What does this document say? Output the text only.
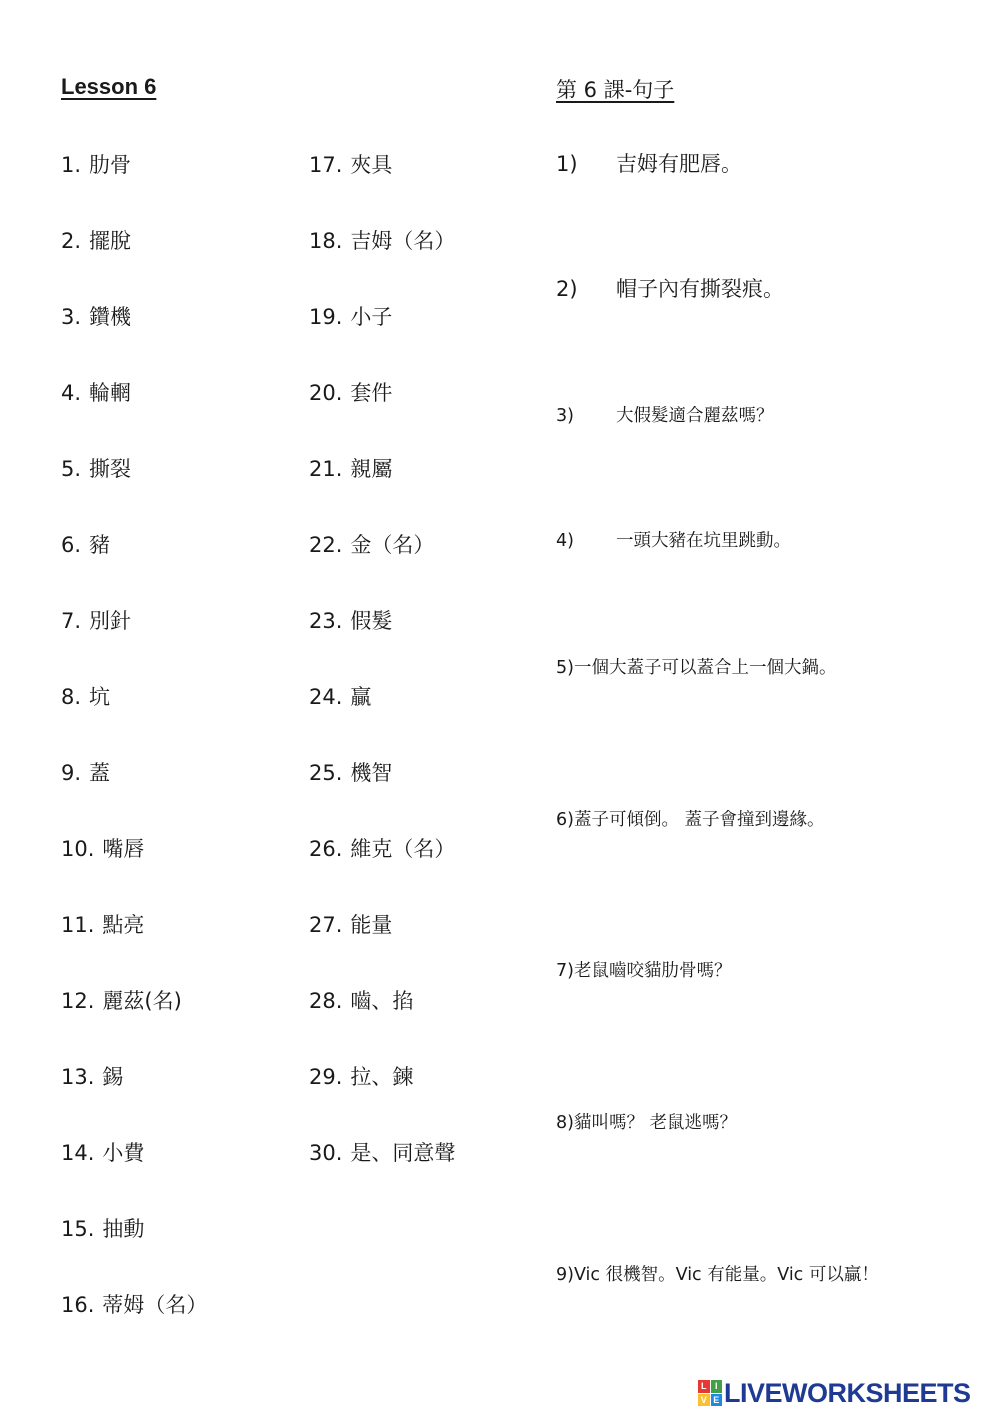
Lesson 6	第 6 課-句子
1. 肋骨
2. 擺脫
3. 鑽機
4. 輪輞
5. 撕裂
6. 豬
7. 別針
8. 坑
9. 蓋
10. 嘴唇
11. 點亮
12. 麗茲(名)
13. 錫
14. 小費
15. 抽動
16. 蒂姆（名）
17. 夾具
18. 吉姆（名）
19. 小子
20. 套件
21. 親屬
22. 金（名）
23. 假髮
24. 贏
25. 機智
26. 維克（名）
27. 能量
28. 嚙、掐
29. 拉、鍊
30. 是、同意聲
1) 吉姆有肥唇。
2) 帽子內有撕裂痕。
3) 大假髮適合麗茲嗎？
4) 一頭大豬在坑里跳動。
5)一個大蓋子可以蓋合上一個大鍋。
6)蓋子可傾倒。 蓋子會撞到邊緣。
7)老鼠嚙咬貓肋骨嗎？
8)貓叫嗎？ 老鼠逃嗎？
9)Vic 很機智。Vic 有能量。Vic 可以贏！
L I
V E LIVEWORKSHEETS
